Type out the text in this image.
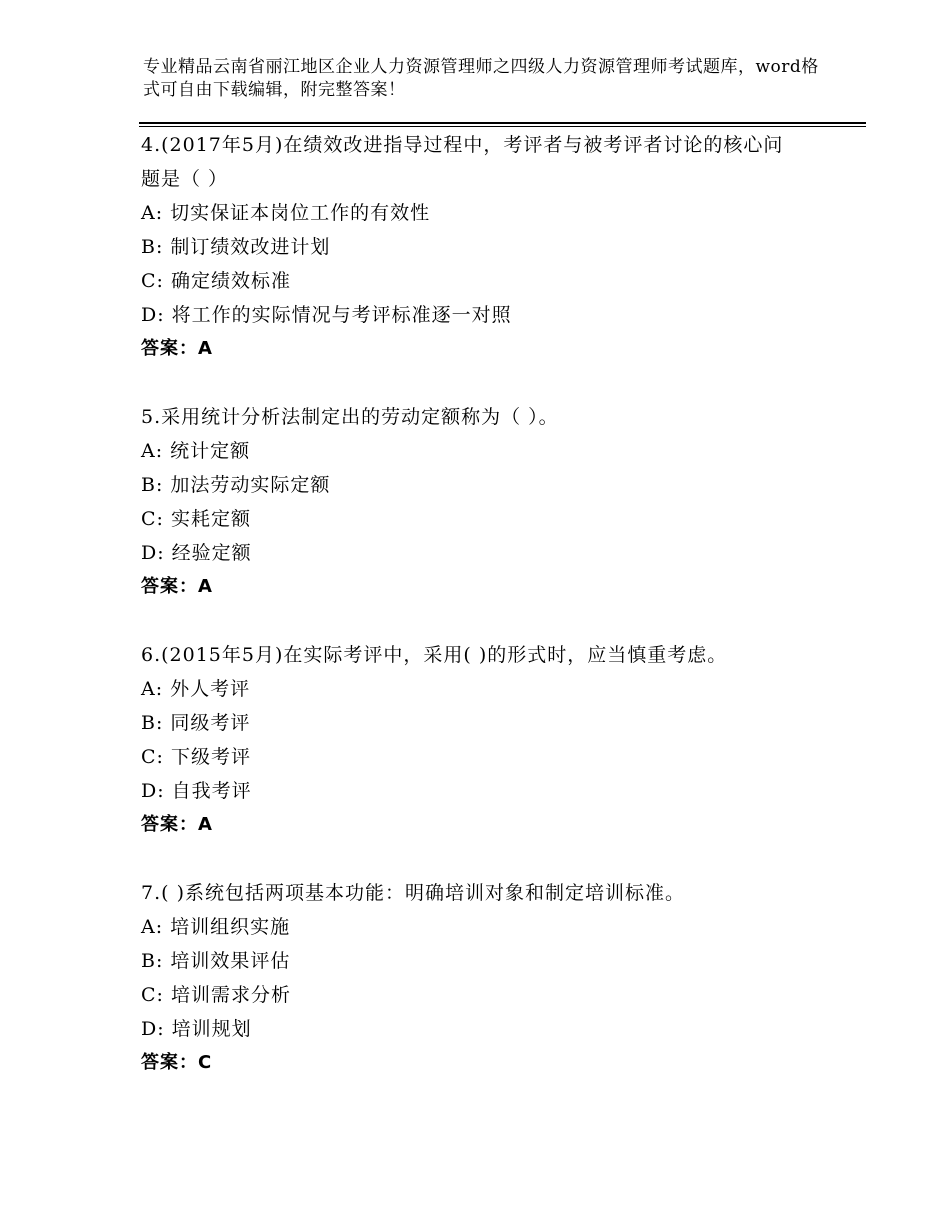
专业精品云南省丽江地区企业人力资源管理师之四级人力资源管理师考试题库，word格式可自由下载编辑，附完整答案！
4.(2017年5月)在绩效改进指导过程中，考评者与被考评者讨论的核心问题是（ ）
A: 切实保证本岗位工作的有效性
B: 制订绩效改进计划
C: 确定绩效标准
D: 将工作的实际情况与考评标准逐一对照
答案：A
5.采用统计分析法制定出的劳动定额称为（ ）。
A: 统计定额
B: 加法劳动实际定额
C: 实耗定额
D: 经验定额
答案：A
6.(2015年5月)在实际考评中，采用( )的形式时，应当慎重考虑。
A: 外人考评
B: 同级考评
C: 下级考评
D: 自我考评
答案：A
7.( )系统包括两项基本功能：明确培训对象和制定培训标准。
A: 培训组织实施
B: 培训效果评估
C: 培训需求分析
D: 培训规划
答案：C
